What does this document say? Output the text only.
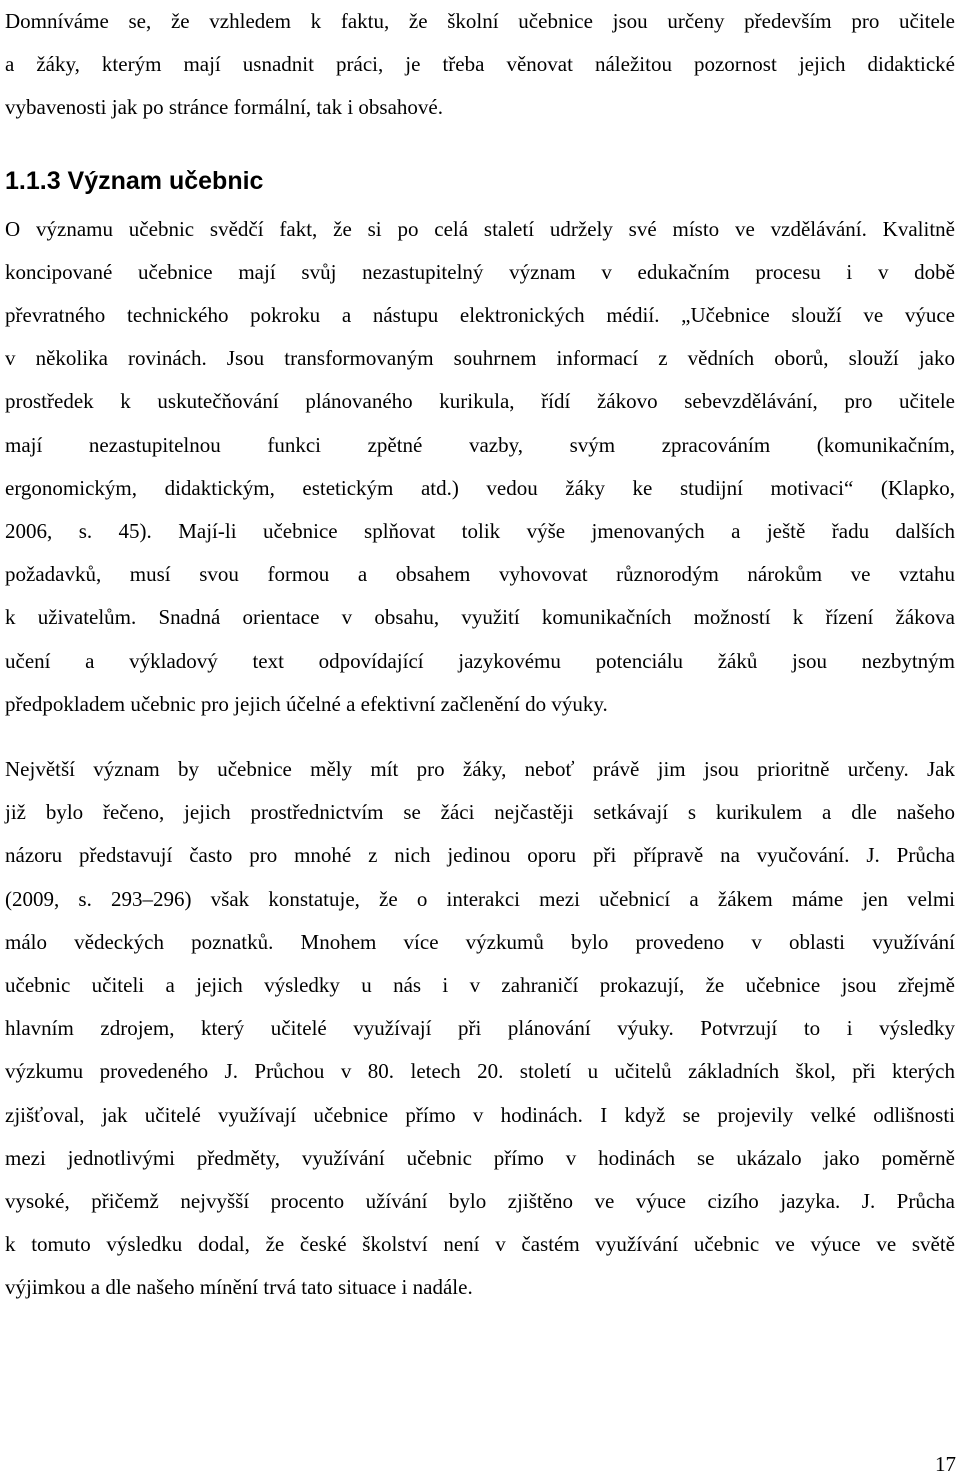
Domníváme se, že vzhledem k faktu, že školní učebnice jsou určeny především pro učitele
a žáky, kterým mají usnadnit práci, je třeba věnovat náležitou pozornost jejich didaktické
vybavenosti jak po stránce formální, tak i obsahové.

1.1.3 Význam učebnic

O významu učebnic svědčí fakt, že si po celá staletí udržely své místo ve vzdělávání. Kvalitně
koncipované učebnice mají svůj nezastupitelný význam v edukačním procesu i v době
převratného technického pokroku a nástupu elektronických médií. „Učebnice slouží ve výuce
v několika rovinách. Jsou transformovaným souhrnem informací z vědních oborů, slouží jako
prostředek k uskutečňování plánovaného kurikula, řídí žákovo sebevzdělávání, pro učitele
mají nezastupitelnou funkci zpětné vazby, svým zpracováním (komunikačním,
ergonomickým, didaktickým, estetickým atd.) vedou žáky ke studijní motivaci“ (Klapko,
2006, s. 45). Mají-li učebnice splňovat tolik výše jmenovaných a ještě řadu dalších
požadavků, musí svou formou a obsahem vyhovovat různorodým nárokům ve vztahu
k uživatelům. Snadná orientace v obsahu, využití komunikačních možností k řízení žákova
učení a výkladový text odpovídající jazykovému potenciálu žáků jsou nezbytným
předpokladem učebnic pro jejich účelné a efektivní začlenění do výuky.

Největší význam by učebnice měly mít pro žáky, neboť právě jim jsou prioritně určeny. Jak
již bylo řečeno, jejich prostřednictvím se žáci nejčastěji setkávají s kurikulem a dle našeho
názoru představují často pro mnohé z nich jedinou oporu při přípravě na vyučování. J. Průcha
(2009, s. 293–296) však konstatuje, že o interakci mezi učebnicí a žákem máme jen velmi
málo vědeckých poznatků. Mnohem více výzkumů bylo provedeno v oblasti využívání
učebnic učiteli a jejich výsledky u nás i v zahraničí prokazují, že učebnice jsou zřejmě
hlavním zdrojem, který učitelé využívají při plánování výuky. Potvrzují to i výsledky
výzkumu provedeného J. Průchou v 80. letech 20. století u učitelů základních škol, při kterých
zjišťoval, jak učitelé využívají učebnice přímo v hodinách. I když se projevily velké odlišnosti
mezi jednotlivými předměty, využívání učebnic přímo v hodinách se ukázalo jako poměrně
vysoké, přičemž nejvyšší procento užívání bylo zjištěno ve výuce cizího jazyka. J. Průcha
k tomuto výsledku dodal, že české školství není v častém využívání učebnic ve výuce ve světě
výjimkou a dle našeho mínění trvá tato situace i nadále.

17
